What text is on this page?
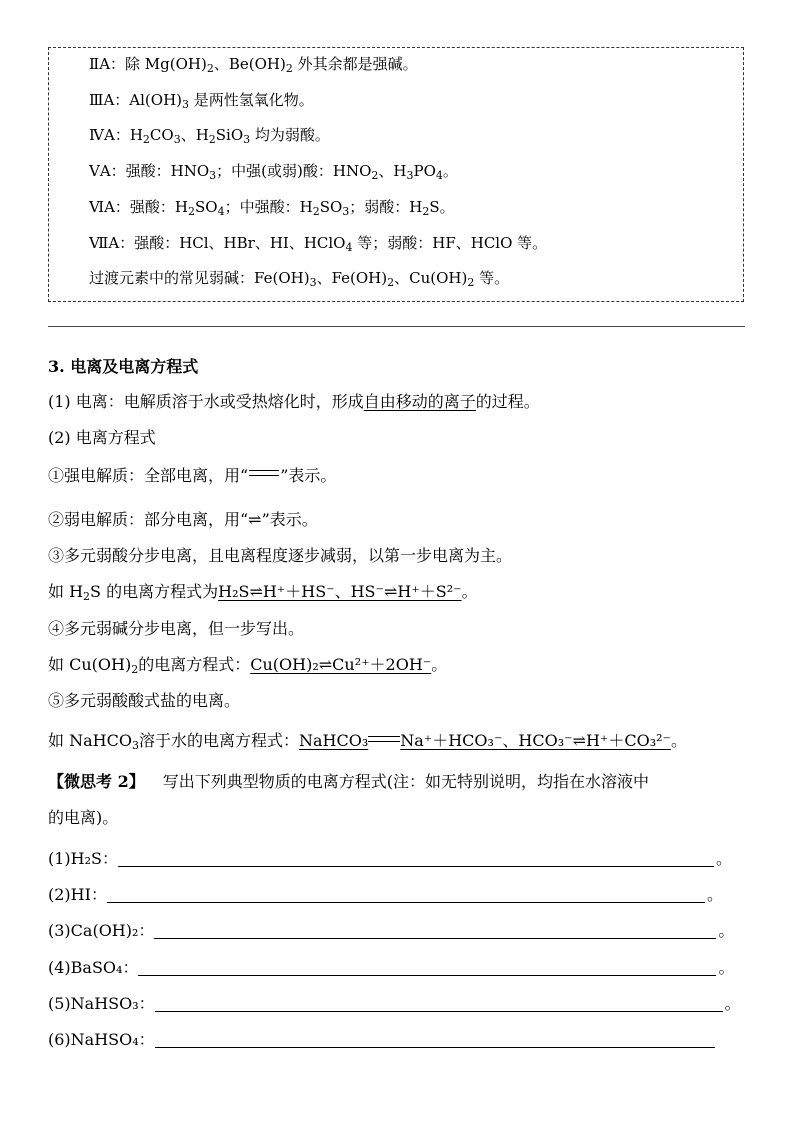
ⅡA：除 $Mg(OH)_2$、$Be(OH)_2$ 外其余都是强碱。
ⅢA：$Al(OH)_3$ 是两性氢氧化物。
ⅣA：$H_2CO_3$、$H_2SiO_3$ 均为弱酸。
ⅤA：强酸：$HNO_3$；中强(或弱)酸：$HNO_2$、$H_3PO_4$。
ⅥA：强酸：$H_2SO_4$；中强酸：$H_2SO_3$；弱酸：$H_2S$。
ⅦA：强酸：HCl、HBr、HI、HClO$_4$ 等；弱酸：HF、HClO 等。
过渡元素中的常见弱碱：$Fe(OH)_3$、$Fe(OH)_2$、$Cu(OH)_2$ 等。
3. 电离及电离方程式
(1) 电离：电解质溶于水或受热熔化时，形成自由移动的离子的过程。
(2) 电离方程式
①强电解质：全部电离，用“ ”表示。
②弱电解质：部分电离，用“⇌”表示。
③多元弱酸分步电离，且电离程度逐步减弱，以第一步电离为主。
如 $H_2S$ 的电离方程式为H₂S⇌H⁺＋HS⁻、HS⁻⇌H⁺＋S²⁻。
④多元弱碱分步电离，但一步写出。
如 $Cu(OH)_2$的电离方程式：Cu(OH)₂⇌Cu²⁺＋2OH⁻。
⑤多元弱酸酸式盐的电离。
如 NaHCO$_3$溶于水的电离方程式：NaHCO₃ Na⁺＋HCO₃⁻、HCO₃⁻⇌H⁺＋CO₃²⁻。
【微思考 2】 写出下列典型物质的电离方程式(注：如无特别说明，均指在水溶液中
的电离)。
(1)H₂S：	。
(2)HI：	。
(3)Ca(OH)₂：	。
(4)BaSO₄：	。
(5)NaHSO₃：	。
(6)NaHSO₄：
